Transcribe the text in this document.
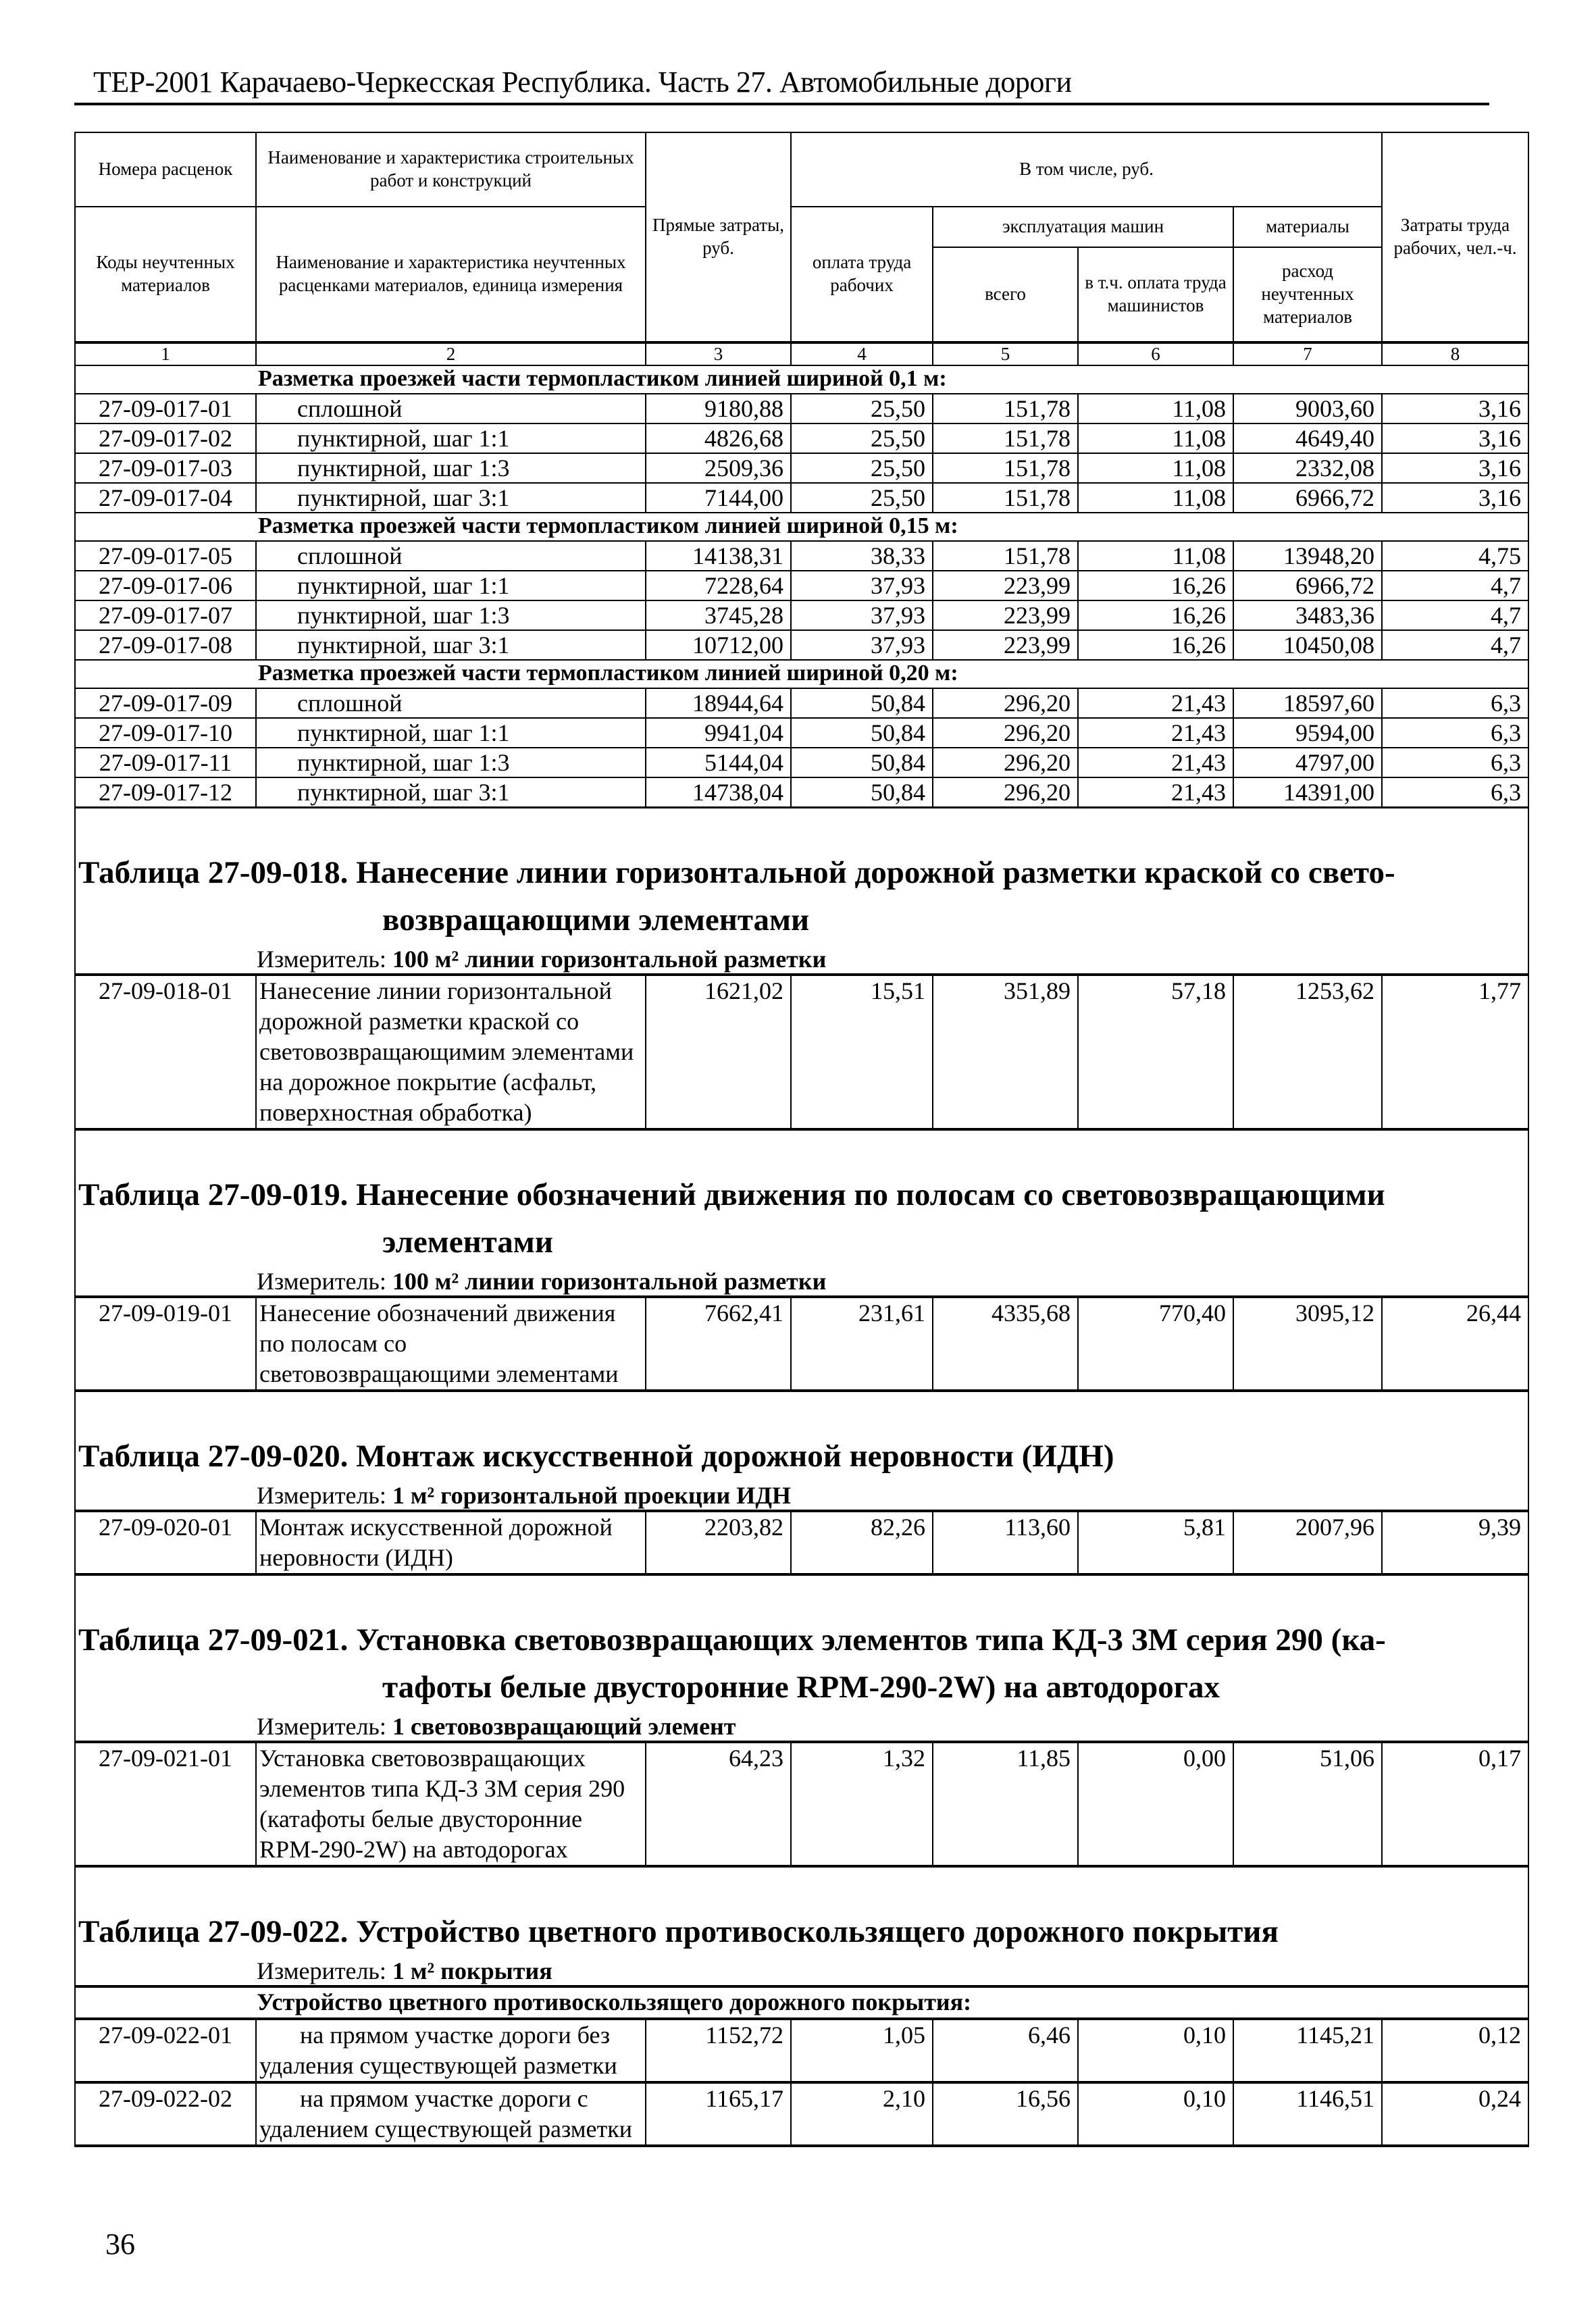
ТЕР-2001 Карачаево-Черкесская Республика. Часть 27. Автомобильные дороги
Номера расценок	Наименование и характеристика строительных работ и конструкций	Прямые затраты, руб.	В том числе, руб.				Затраты труда рабочих, чел.-ч.
Коды неучтенных материалов	Наименование и характеристика неучтенных расценками материалов, единица измерения		оплата труда рабочих	эксплуатация машин		материалы	
				всего	в т.ч. оплата труда машинистов	расход неучтенных материалов	
1	2	3	4	5	6	7	8
Разметка проезжей части термопластиком линией шириной 0,1 м:							
27-09-017-01	сплошной	9180,88	25,50	151,78	11,08	9003,60	3,16
27-09-017-02	пунктирной, шаг 1:1	4826,68	25,50	151,78	11,08	4649,40	3,16
27-09-017-03	пунктирной, шаг 1:3	2509,36	25,50	151,78	11,08	2332,08	3,16
27-09-017-04	пунктирной, шаг 3:1	7144,00	25,50	151,78	11,08	6966,72	3,16
Разметка проезжей части термопластиком линией шириной 0,15 м:							
27-09-017-05	сплошной	14138,31	38,33	151,78	11,08	13948,20	4,75
27-09-017-06	пунктирной, шаг 1:1	7228,64	37,93	223,99	16,26	6966,72	4,7
27-09-017-07	пунктирной, шаг 1:3	3745,28	37,93	223,99	16,26	3483,36	4,7
27-09-017-08	пунктирной, шаг 3:1	10712,00	37,93	223,99	16,26	10450,08	4,7
Разметка проезжей части термопластиком линией шириной 0,20 м:							
27-09-017-09	сплошной	18944,64	50,84	296,20	21,43	18597,60	6,3
27-09-017-10	пунктирной, шаг 1:1	9941,04	50,84	296,20	21,43	9594,00	6,3
27-09-017-11	пунктирной, шаг 1:3	5144,04	50,84	296,20	21,43	4797,00	6,3
27-09-017-12	пунктирной, шаг 3:1	14738,04	50,84	296,20	21,43	14391,00	6,3

Таблица 27-09-018. Нанесение линии горизонтальной дорожной разметки краской со свето-
возвращающими элементами							

Измеритель: 100 м² линии горизонтальной разметки							
27-09-018-01	Нанесение линии горизонтальной дорожной разметки краской со световозвращающимим элементами на дорожное покрытие (асфальт, поверхностная обработка)	1621,02	15,51	351,89	57,18	1253,62	1,77

Таблица 27-09-019. Нанесение обозначений движения по полосам со световозвращающими
элементами							

Измеритель: 100 м² линии горизонтальной разметки							
27-09-019-01	Нанесение обозначений движения по полосам со световозвращающими элементами	7662,41	231,61	4335,68	770,40	3095,12	26,44

Таблица 27-09-020. Монтаж искусственной дорожной неровности (ИДН)							
Измеритель: 1 м² горизонтальной проекции ИДН							
27-09-020-01	Монтаж искусственной дорожной неровности (ИДН)	2203,82	82,26	113,60	5,81	2007,96	9,39

Таблица 27-09-021. Установка световозвращающих элементов типа КД-3 ЗМ серия 290 (ка-
тафоты белые двусторонние RPM-290-2W) на автодорогах							

Измеритель: 1 световозвращающий элемент							
27-09-021-01	Установка световозвращающих элементов типа КД-3 ЗМ серия 290 (катафоты белые двусторонние RPM-290-2W) на автодорогах	64,23	1,32	11,85	0,00	51,06	0,17

Таблица 27-09-022. Устройство цветного противоскользящего дорожного покрытия							
Измеритель: 1 м² покрытия							
Устройство цветного противоскользящего дорожного покрытия:							
27-09-022-01	на прямом участке дороги без удаления существующей разметки	1152,72	1,05	6,46	0,10	1145,21	0,12
27-09-022-02	на прямом участке дороги с удалением существующей разметки	1165,17	2,10	16,56	0,10	1146,51	0,24
36
